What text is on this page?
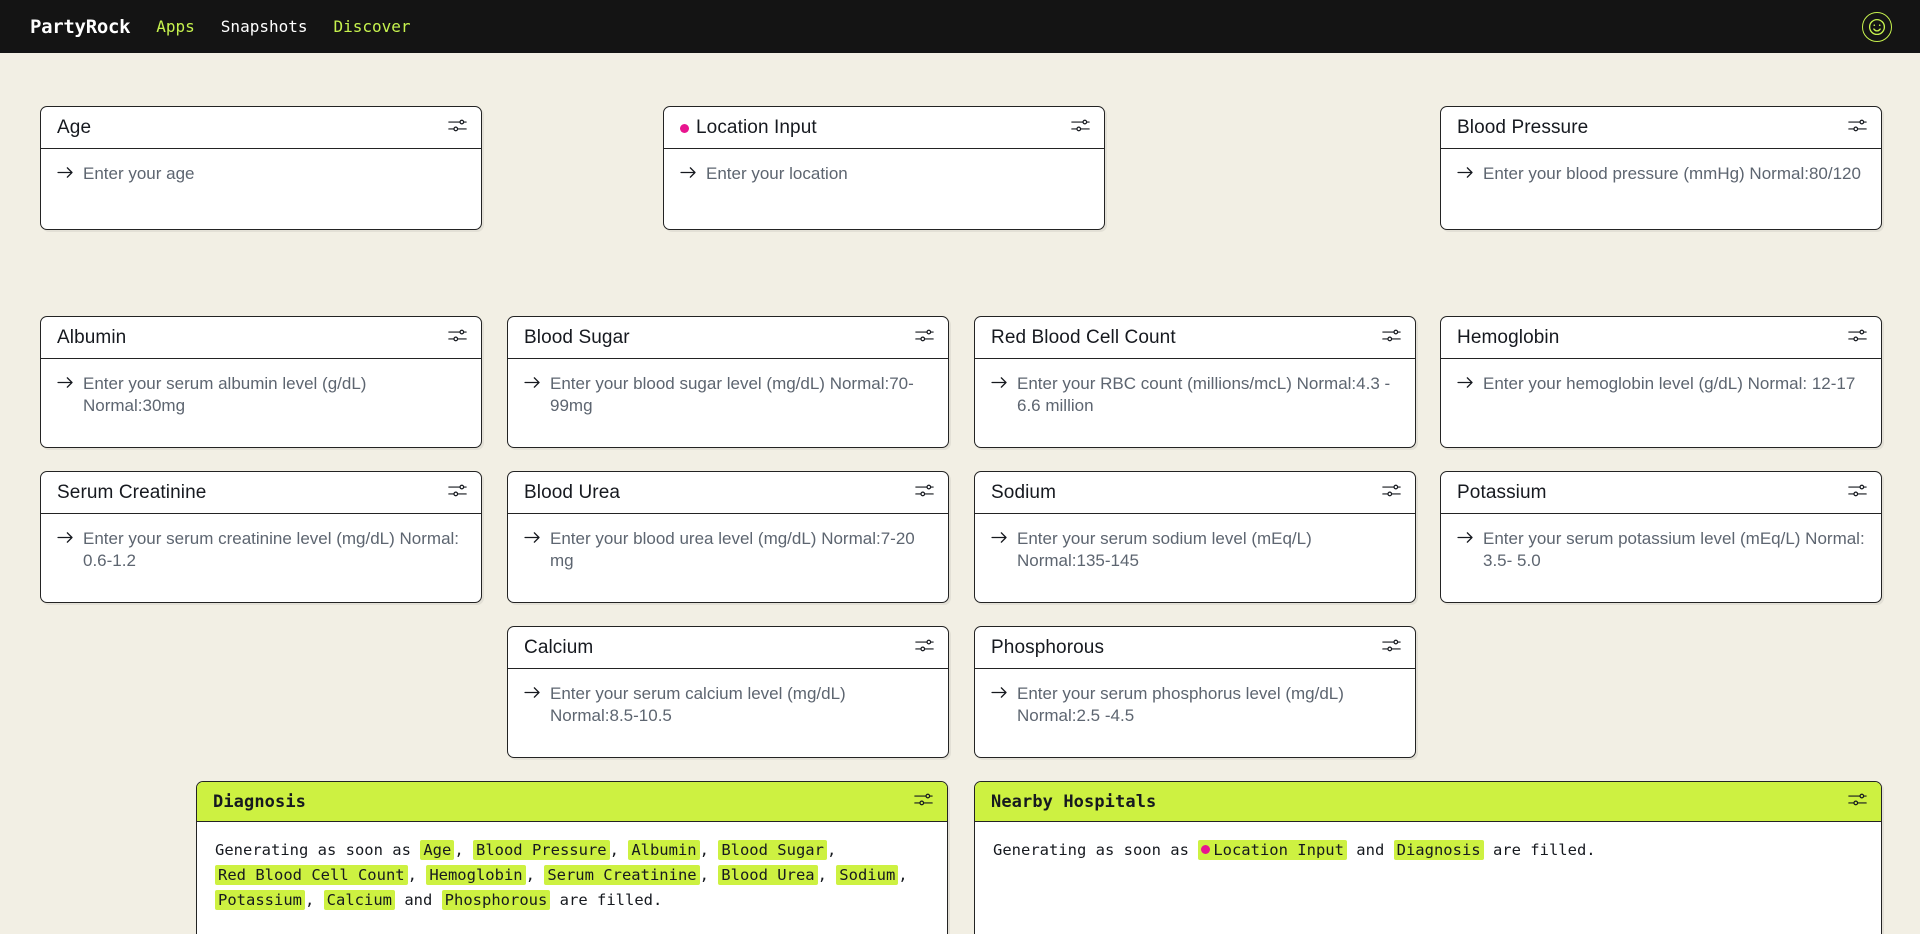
PartyRock Apps Snapshots Discover
Age
Enter your age
Location Input
Enter your location
Blood Pressure
Enter your blood pressure (mmHg) Normal:80/120
Albumin
Enter your serum albumin level (g/dL) Normal:30mg
Blood Sugar
Enter your blood sugar level (mg/dL) Normal:70-99mg
Red Blood Cell Count
Enter your RBC count (millions/mcL) Normal:4.3 - 6.6 million
Hemoglobin
Enter your hemoglobin level (g/dL) Normal: 12-17
Serum Creatinine
Enter your serum creatinine level (mg/dL) Normal: 0.6-1.2
Blood Urea
Enter your blood urea level (mg/dL) Normal:7-20 mg
Sodium
Enter your serum sodium level (mEq/L) Normal:135-145
Potassium
Enter your serum potassium level (mEq/L) Normal: 3.5- 5.0
Calcium
Enter your serum calcium level (mg/dL) Normal:8.5-10.5
Phosphorous
Enter your serum phosphorus level (mg/dL) Normal:2.5 -4.5
Diagnosis
Generating as soon as Age , Blood Pressure , Albumin , Blood Sugar , Red Blood Cell Count , Hemoglobin , Serum Creatinine , Blood Urea , Sodium , Potassium , Calcium and Phosphorous are filled.
Nearby Hospitals
Generating as soon as Location Input and Diagnosis are filled.
